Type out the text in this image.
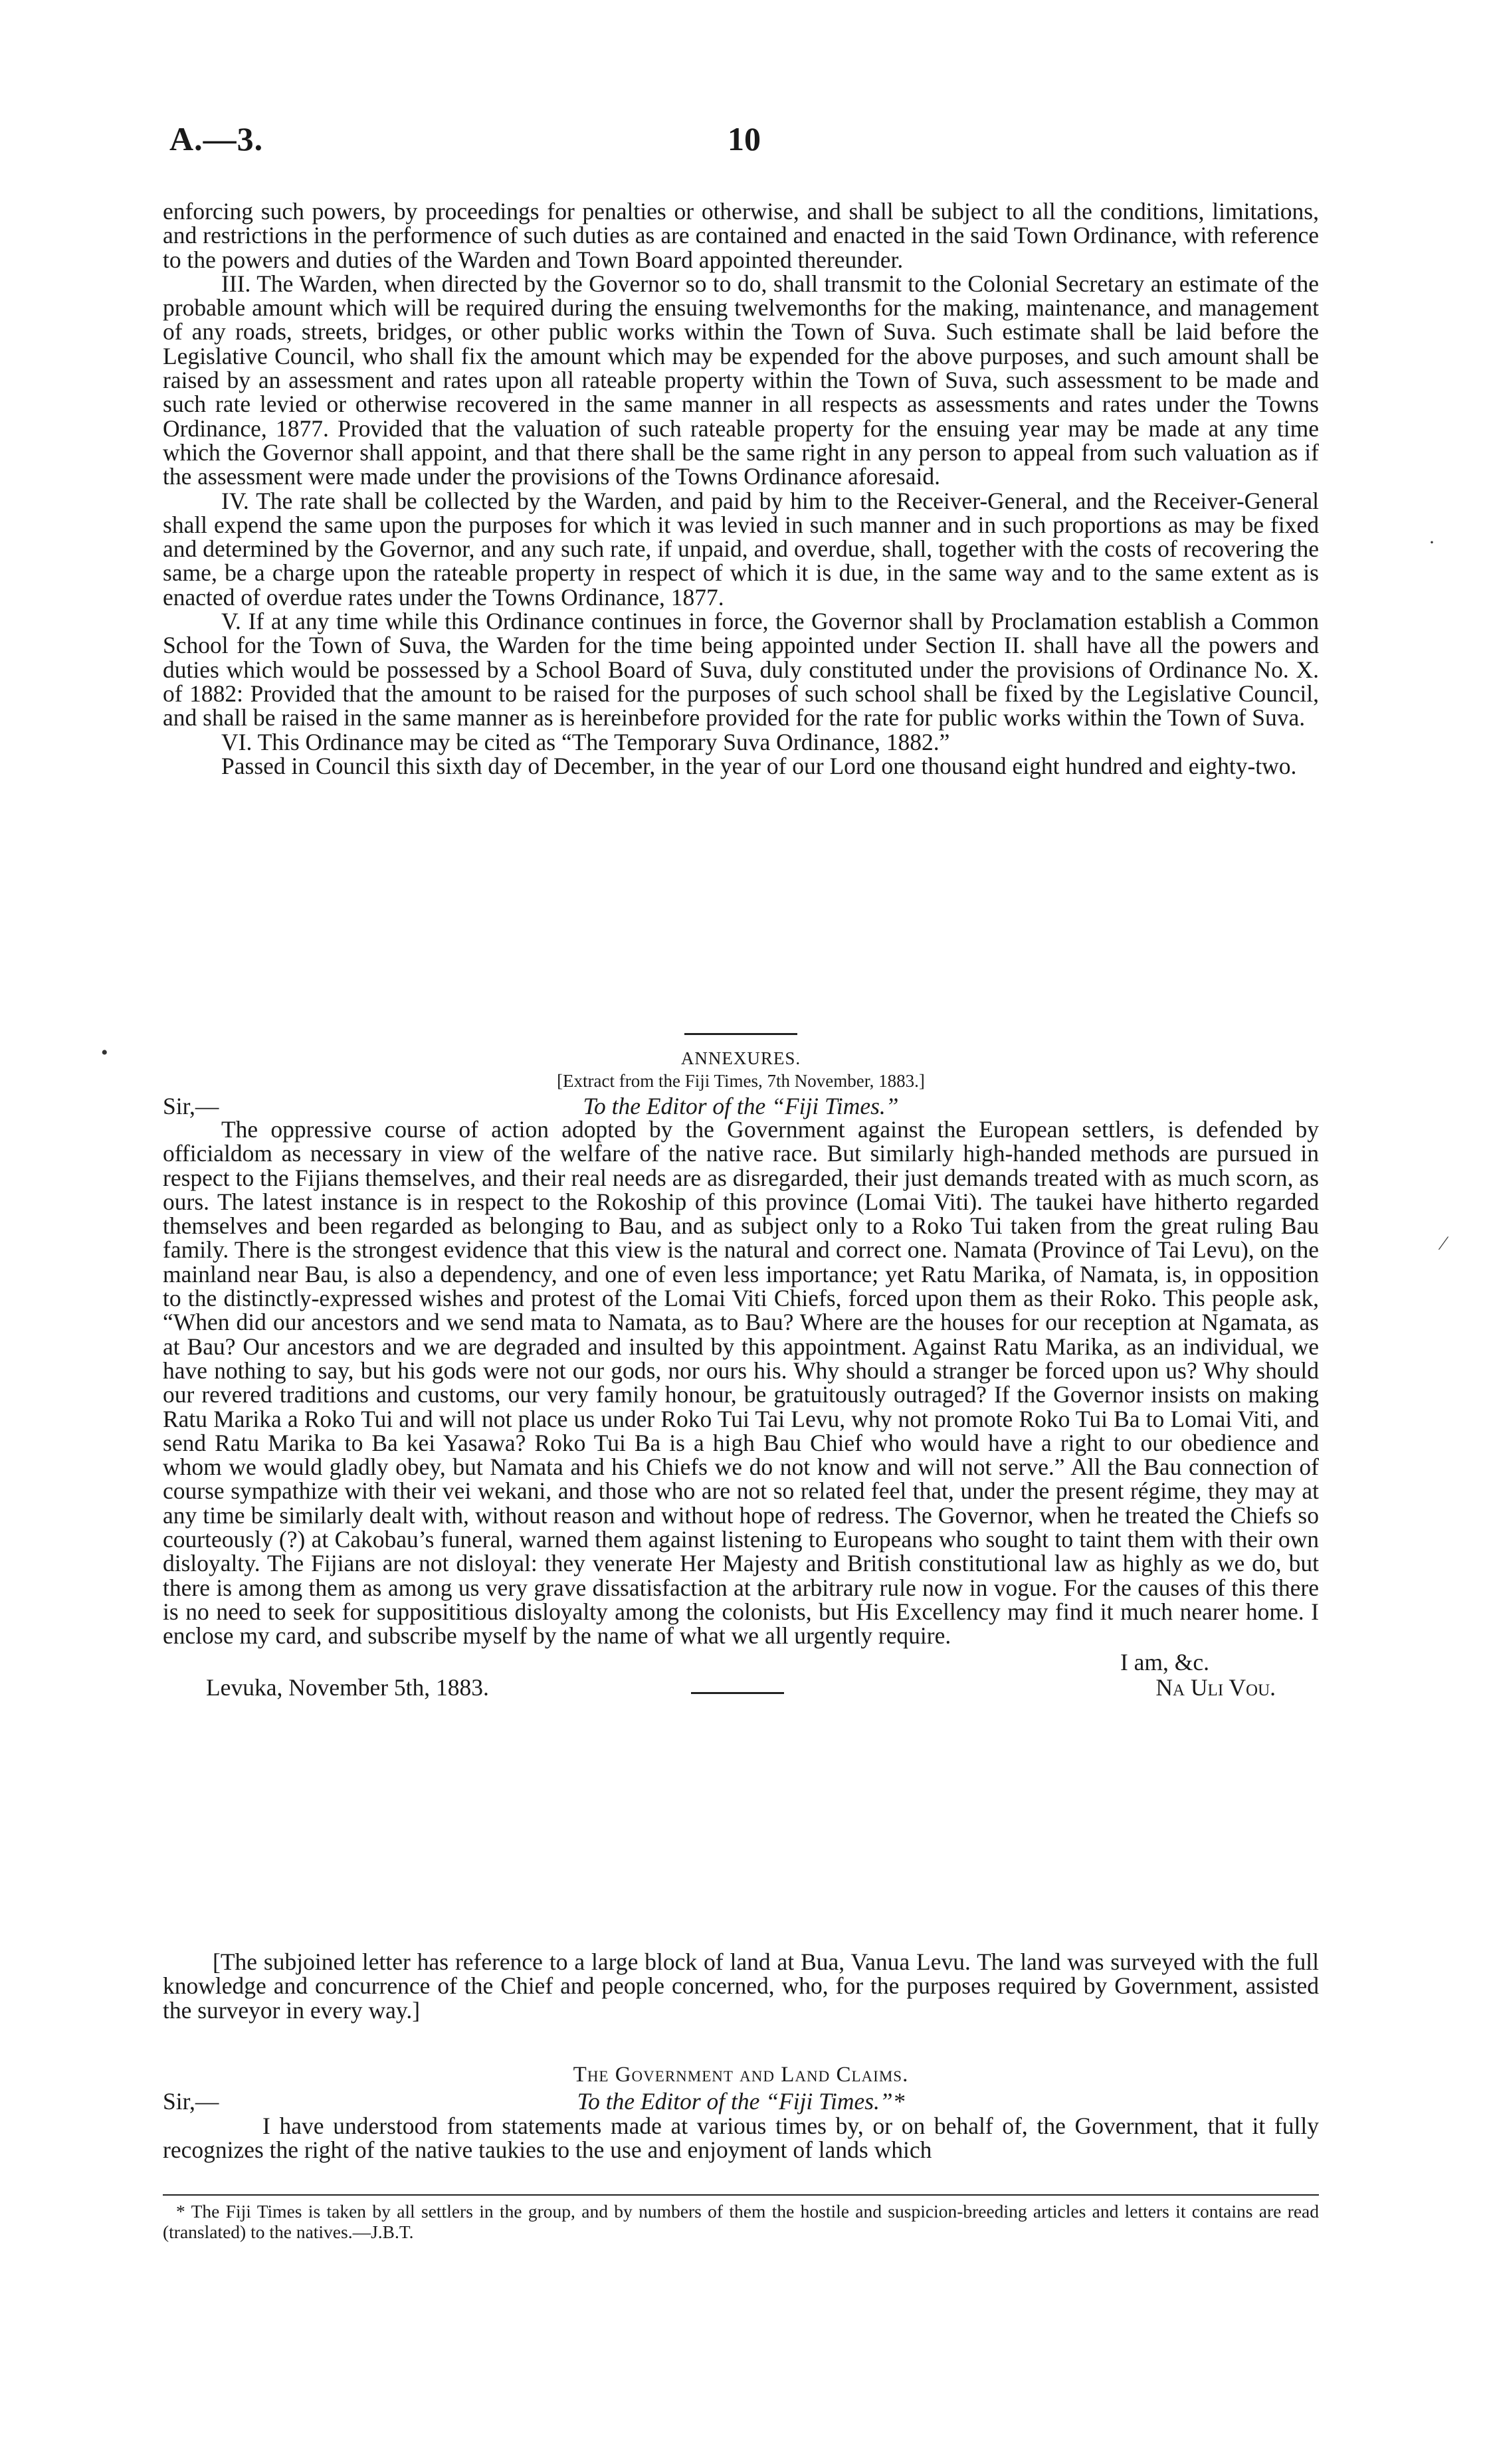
A.—3.	10

enforcing such powers, by proceedings for penalties or otherwise, and shall be subject to all the conditions, limitations, and restrictions in the performence of such duties as are contained and enacted in the said Town Ordinance, with reference to the powers and duties of the Warden and Town Board appointed thereunder.

III. The Warden, when directed by the Governor so to do, shall transmit to the Colonial Secretary an estimate of the probable amount which will be required during the ensuing twelvemonths for the making, maintenance, and management of any roads, streets, bridges, or other public works within the Town of Suva. Such estimate shall be laid before the Legislative Council, who shall fix the amount which may be expended for the above purposes, and such amount shall be raised by an assessment and rates upon all rateable property within the Town of Suva, such assessment to be made and such rate levied or otherwise recovered in the same manner in all respects as assessments and rates under the Towns Ordinance, 1877. Provided that the valuation of such rateable property for the ensuing year may be made at any time which the Governor shall appoint, and that there shall be the same right in any person to appeal from such valuation as if the assessment were made under the provisions of the Towns Ordinance aforesaid.

IV. The rate shall be collected by the Warden, and paid by him to the Receiver-General, and the Receiver-General shall expend the same upon the purposes for which it was levied in such manner and in such proportions as may be fixed and determined by the Governor, and any such rate, if unpaid, and overdue, shall, together with the costs of recovering the same, be a charge upon the rateable property in respect of which it is due, in the same way and to the same extent as is enacted of overdue rates under the Towns Ordinance, 1877.

V. If at any time while this Ordinance continues in force, the Governor shall by Proclamation establish a Common School for the Town of Suva, the Warden for the time being appointed under Section II. shall have all the powers and duties which would be possessed by a School Board of Suva, duly constituted under the provisions of Ordinance No. X. of 1882: Provided that the amount to be raised for the purposes of such school shall be fixed by the Legislative Council, and shall be raised in the same manner as is hereinbefore provided for the rate for public works within the Town of Suva.

VI. This Ordinance may be cited as “The Temporary Suva Ordinance, 1882.”

Passed in Council this sixth day of December, in the year of our Lord one thousand eight hundred and eighty-two.

ANNEXURES.
[Extract from the Fiji Times, 7th November, 1883.]
Sir,—	To the Editor of the “Fiji Times.”

The oppressive course of action adopted by the Government against the European settlers, is defended by officialdom as necessary in view of the welfare of the native race. But similarly high-handed methods are pursued in respect to the Fijians themselves, and their real needs are as disregarded, their just demands treated with as much scorn, as ours. The latest instance is in respect to the Rokoship of this province (Lomai Viti). The taukei have hitherto regarded themselves and been regarded as belonging to Bau, and as subject only to a Roko Tui taken from the great ruling Bau family. There is the strongest evidence that this view is the natural and correct one. Namata (Province of Tai Levu), on the mainland near Bau, is also a dependency, and one of even less importance; yet Ratu Marika, of Namata, is, in opposition to the distinctly-expressed wishes and protest of the Lomai Viti Chiefs, forced upon them as their Roko. This people ask, “When did our ancestors and we send mata to Namata, as to Bau? Where are the houses for our reception at Ngamata, as at Bau? Our ancestors and we are degraded and insulted by this appointment. Against Ratu Marika, as an individual, we have nothing to say, but his gods were not our gods, nor ours his. Why should a stranger be forced upon us? Why should our revered traditions and customs, our very family honour, be gratuitously outraged? If the Governor insists on making Ratu Marika a Roko Tui and will not place us under Roko Tui Tai Levu, why not promote Roko Tui Ba to Lomai Viti, and send Ratu Marika to Ba kei Yasawa? Roko Tui Ba is a high Bau Chief who would have a right to our obedience and whom we would gladly obey, but Namata and his Chiefs we do not know and will not serve.” All the Bau connection of course sympathize with their vei wekani, and those who are not so related feel that, under the present régime, they may at any time be similarly dealt with, without reason and without hope of redress. The Governor, when he treated the Chiefs so courteously (?) at Cakobau’s funeral, warned them against listening to Europeans who sought to taint them with their own disloyalty. The Fijians are not disloyal: they venerate Her Majesty and British constitutional law as highly as we do, but there is among them as among us very grave dissatisfaction at the arbitrary rule now in vogue. For the causes of this there is no need to seek for supposititious disloyalty among the colonists, but His Excellency may find it much nearer home. I enclose my card, and subscribe myself by the name of what we all urgently require.

I am, &c.
Levuka, November 5th, 1883.	Na Uli Vou.

[The subjoined letter has reference to a large block of land at Bua, Vanua Levu. The land was surveyed with the full knowledge and concurrence of the Chief and people concerned, who, for the purposes required by Government, assisted the surveyor in every way.]

The Government and Land Claims.
Sir,—	To the Editor of the “Fiji Times.”*

I have understood from statements made at various times by, or on behalf of, the Government, that it fully recognizes the right of the native taukies to the use and enjoyment of lands which

* The Fiji Times is taken by all settlers in the group, and by numbers of them the hostile and suspicion-breeding articles and letters it contains are read (translated) to the natives.—J.B.T.

·
•
⁄
